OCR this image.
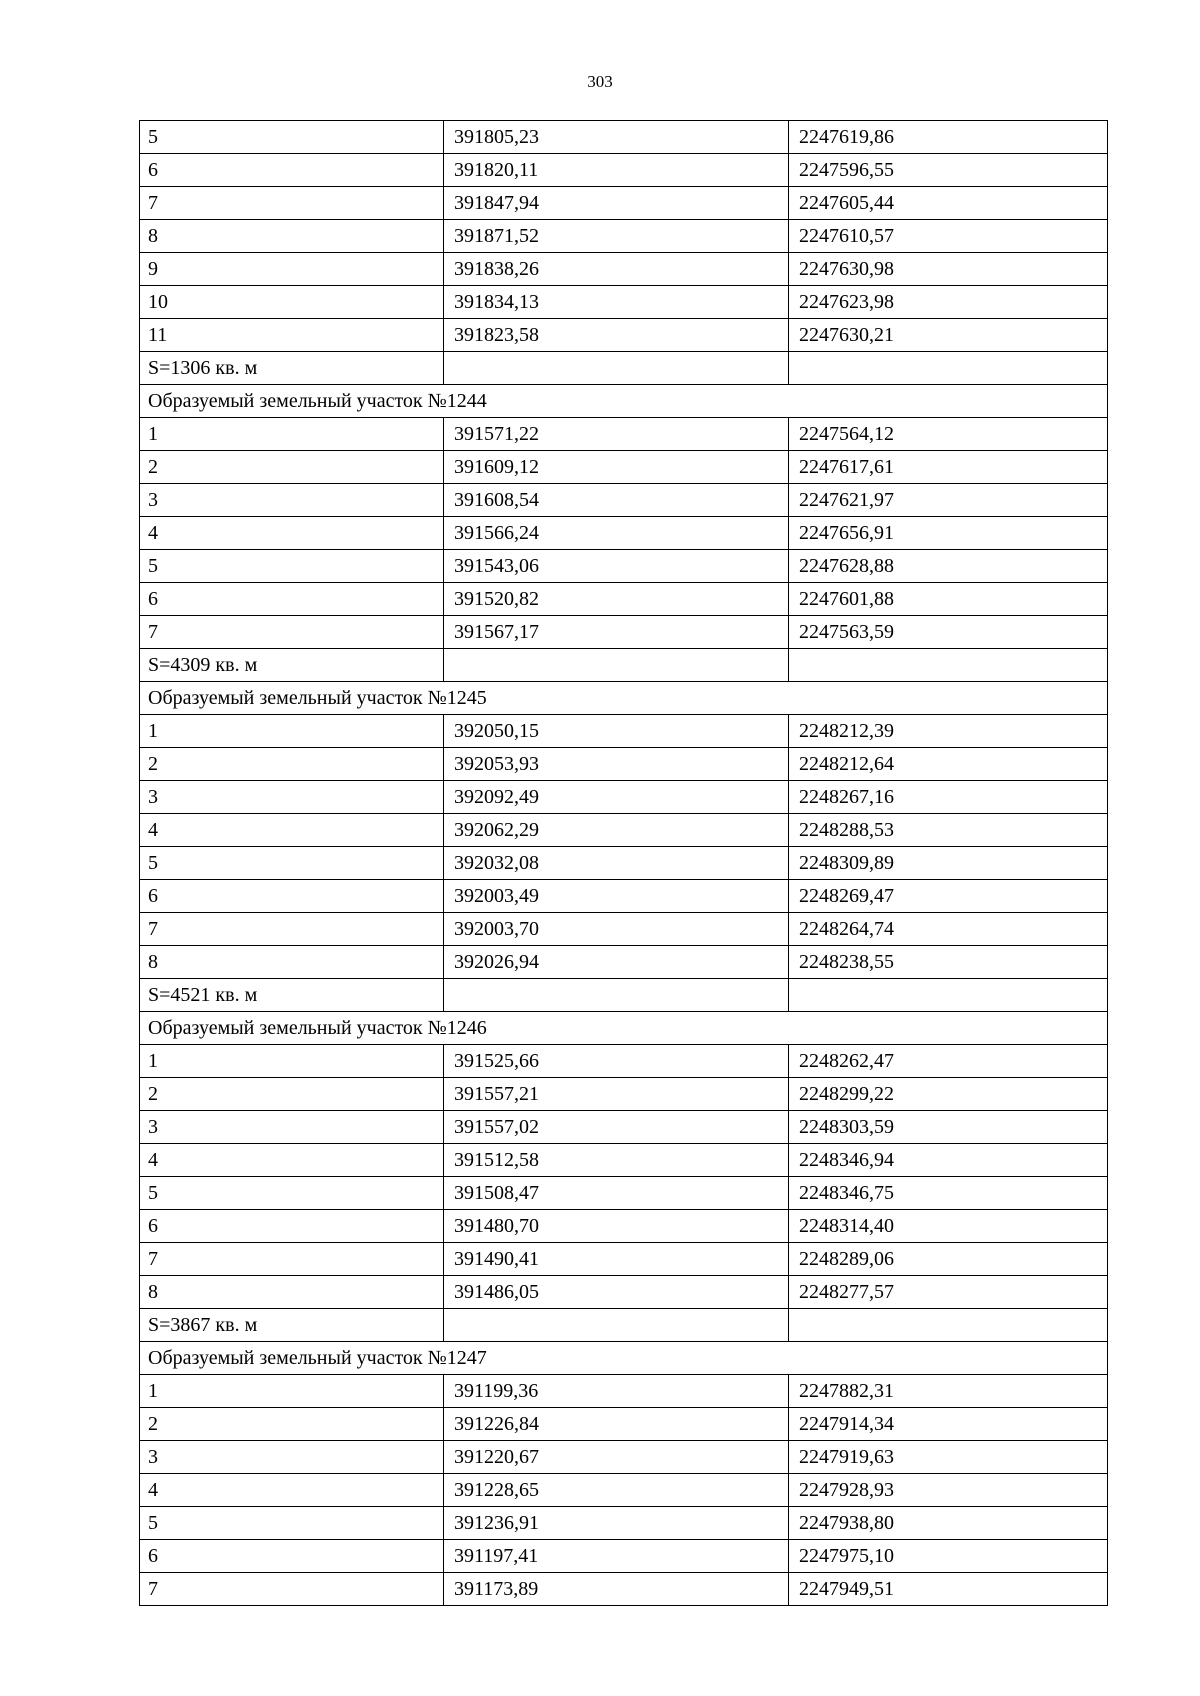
303
5	391805,23	2247619,86
6	391820,11	2247596,55
7	391847,94	2247605,44
8	391871,52	2247610,57
9	391838,26	2247630,98
10	391834,13	2247623,98
11	391823,58	2247630,21
S=1306 кв. м		
Образуемый земельный участок №1244		
1	391571,22	2247564,12
2	391609,12	2247617,61
3	391608,54	2247621,97
4	391566,24	2247656,91
5	391543,06	2247628,88
6	391520,82	2247601,88
7	391567,17	2247563,59
S=4309 кв. м		
Образуемый земельный участок №1245		
1	392050,15	2248212,39
2	392053,93	2248212,64
3	392092,49	2248267,16
4	392062,29	2248288,53
5	392032,08	2248309,89
6	392003,49	2248269,47
7	392003,70	2248264,74
8	392026,94	2248238,55
S=4521 кв. м		
Образуемый земельный участок №1246		
1	391525,66	2248262,47
2	391557,21	2248299,22
3	391557,02	2248303,59
4	391512,58	2248346,94
5	391508,47	2248346,75
6	391480,70	2248314,40
7	391490,41	2248289,06
8	391486,05	2248277,57
S=3867 кв. м		
Образуемый земельный участок №1247		
1	391199,36	2247882,31
2	391226,84	2247914,34
3	391220,67	2247919,63
4	391228,65	2247928,93
5	391236,91	2247938,80
6	391197,41	2247975,10
7	391173,89	2247949,51
